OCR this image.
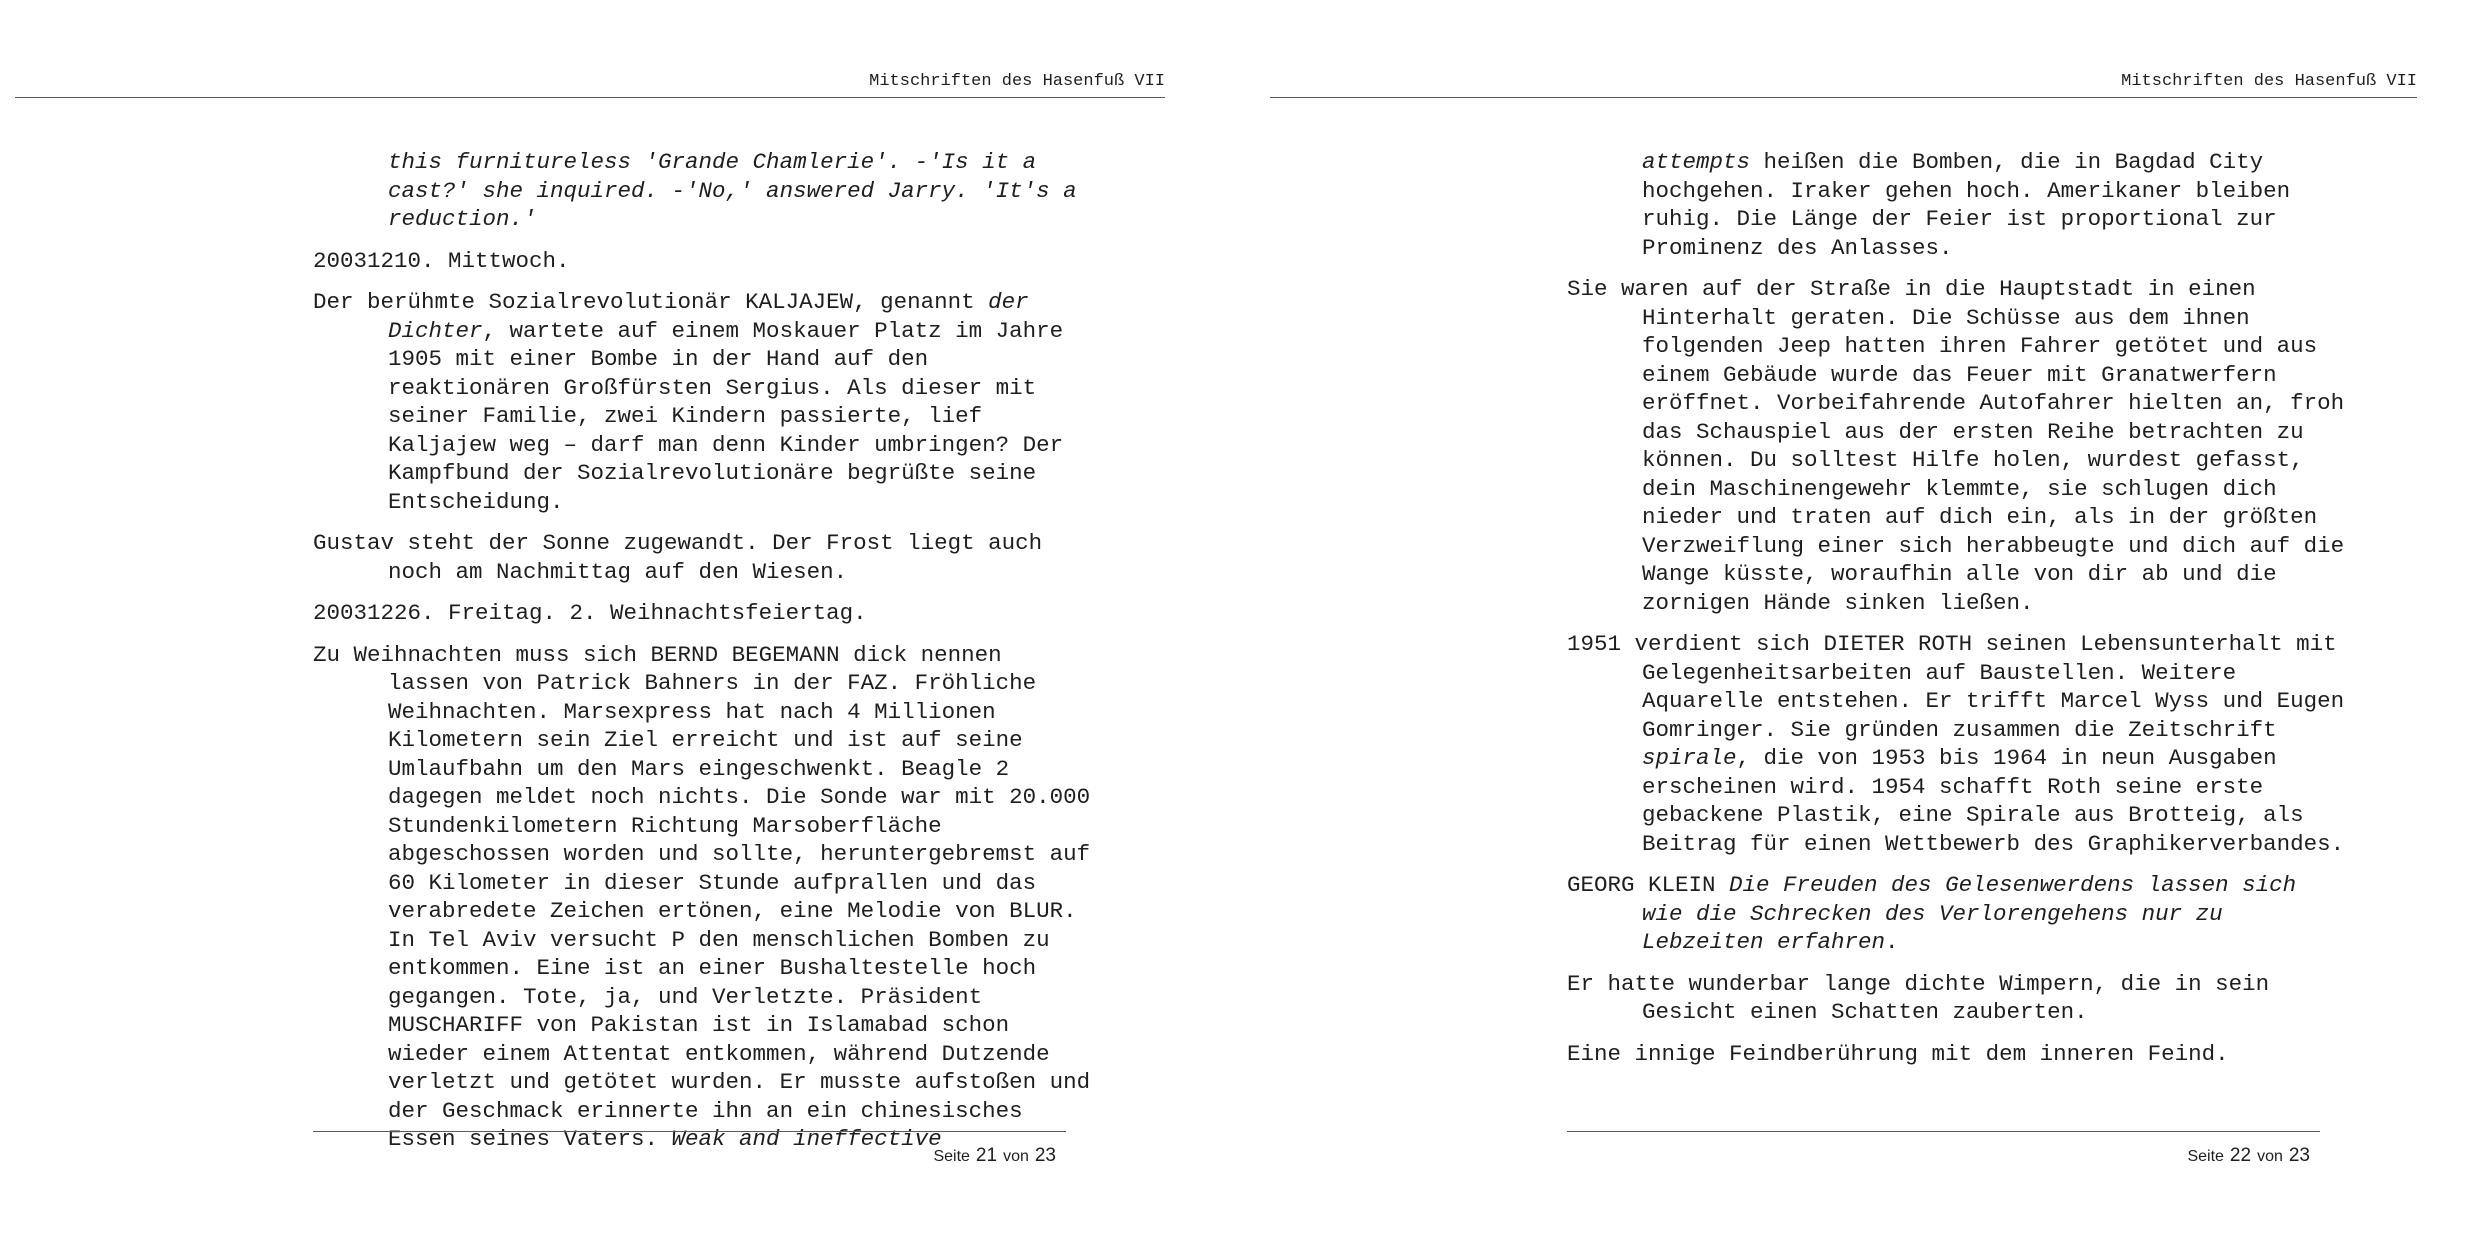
Mitschriften des Hasenfuß VII

this furnitureless 'Grande Chamlerie'. -'Is it a cast?' she inquired. -'No,' answered Jarry. 'It's a reduction.'

20031210. Mittwoch.

Der berühmte Sozialrevolutionär KALJAJEW, genannt der Dichter, wartete auf einem Moskauer Platz im Jahre 1905 mit einer Bombe in der Hand auf den reaktionären Großfürsten Sergius. Als dieser mit seiner Familie, zwei Kindern passierte, lief Kaljajew weg – darf man denn Kinder umbringen? Der Kampfbund der Sozialrevolutionäre begrüßte seine Entscheidung.

Gustav steht der Sonne zugewandt. Der Frost liegt auch noch am Nachmittag auf den Wiesen.

20031226. Freitag. 2. Weihnachtsfeiertag.

Zu Weihnachten muss sich BERND BEGEMANN dick nennen lassen von Patrick Bahners in der FAZ. Fröhliche Weihnachten. Marsexpress hat nach 4 Millionen Kilometern sein Ziel erreicht und ist auf seine Umlaufbahn um den Mars eingeschwenkt. Beagle 2 dagegen meldet noch nichts. Die Sonde war mit 20.000 Stundenkilometern Richtung Marsoberfläche abgeschossen worden und sollte, heruntergebremst auf 60 Kilometer in dieser Stunde aufprallen und das verabredete Zeichen ertönen, eine Melodie von BLUR. In Tel Aviv versucht P den menschlichen Bomben zu entkommen. Eine ist an einer Bushaltestelle hoch gegangen. Tote, ja, und Verletzte. Präsident MUSCHARIFF von Pakistan ist in Islamabad schon wieder einem Attentat entkommen, während Dutzende verletzt und getötet wurden. Er musste aufstoßen und der Geschmack erinnerte ihn an ein chinesisches Essen seines Vaters. Weak and ineffective

Seite 21 von 23
Mitschriften des Hasenfuß VII

attempts heißen die Bomben, die in Bagdad City hochgehen. Iraker gehen hoch. Amerikaner bleiben ruhig. Die Länge der Feier ist proportional zur Prominenz des Anlasses.

Sie waren auf der Straße in die Hauptstadt in einen Hinterhalt geraten. Die Schüsse aus dem ihnen folgenden Jeep hatten ihren Fahrer getötet und aus einem Gebäude wurde das Feuer mit Granatwerfern eröffnet. Vorbeifahrende Autofahrer hielten an, froh das Schauspiel aus der ersten Reihe betrachten zu können. Du solltest Hilfe holen, wurdest gefasst, dein Maschinengewehr klemmte, sie schlugen dich nieder und traten auf dich ein, als in der größten Verzweiflung einer sich herabbeugte und dich auf die Wange küsste, woraufhin alle von dir ab und die zornigen Hände sinken ließen.

1951 verdient sich DIETER ROTH seinen Lebensunterhalt mit Gelegenheitsarbeiten auf Baustellen. Weitere Aquarelle entstehen. Er trifft Marcel Wyss und Eugen Gomringer. Sie gründen zusammen die Zeitschrift spirale, die von 1953 bis 1964 in neun Ausgaben erscheinen wird. 1954 schafft Roth seine erste gebackene Plastik, eine Spirale aus Brotteig, als Beitrag für einen Wettbewerb des Graphikerverbandes.

GEORG KLEIN Die Freuden des Gelesenwerdens lassen sich wie die Schrecken des Verlorengehens nur zu Lebzeiten erfahren.

Er hatte wunderbar lange dichte Wimpern, die in sein Gesicht einen Schatten zauberten.

Eine innige Feindberührung mit dem inneren Feind.

Seite 22 von 23
